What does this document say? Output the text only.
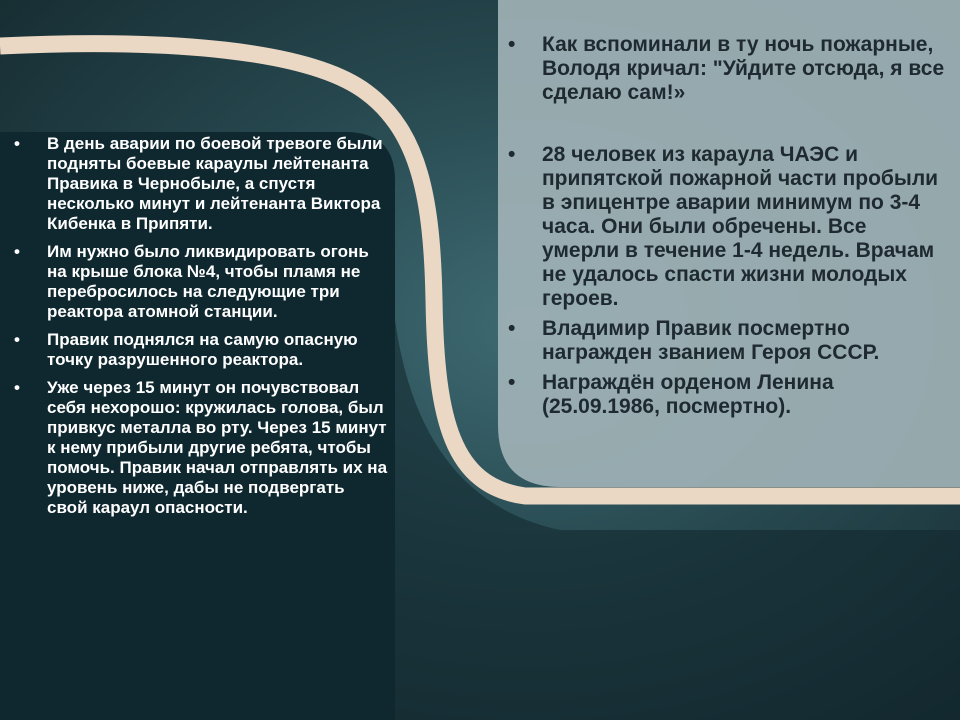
• В день аварии по боевой тревоге были подняты боевые караулы лейтенанта Правика в Чернобыле, а спустя несколько минут и лейтенанта Виктора Кибенка в Припяти.
• Им нужно было ликвидировать огонь на крыше блока №4, чтобы пламя не перебросилось на следующие три реактора атомной станции.
• Правик поднялся на самую опасную точку разрушенного реактора.
• Уже через 15 минут он почувствовал себя нехорошо: кружилась голова, был привкус металла во рту. Через 15 минут к нему прибыли другие ребята, чтобы помочь. Правик начал отправлять их на уровень ниже, дабы не подвергать свой караул опасности.
• Как вспоминали в ту ночь пожарные, Володя кричал: "Уйдите отсюда, я все сделаю сам!»
• 28 человек из караула ЧАЭС и припятской пожарной части пробыли в эпицентре аварии минимум по 3-4 часа. Они были обречены. Все умерли в течение 1-4 недель. Врачам не удалось спасти жизни молодых героев.
• Владимир Правик посмертно награжден званием Героя СССР.
• Награждён орденом Ленина (25.09.1986, посмертно).
